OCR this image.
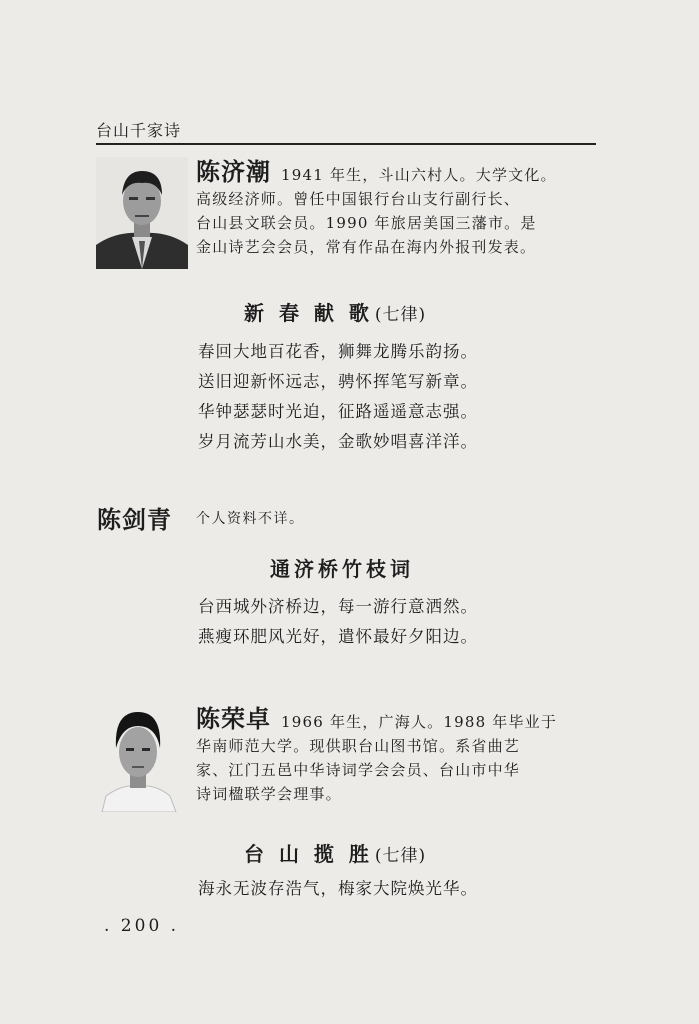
台山千家诗
陈济潮 1941 年生，斗山六村人。大学文化。
高级经济师。曾任中国银行台山支行副行长、
台山县文联会员。1990 年旅居美国三藩市。是
金山诗艺会会员，常有作品在海内外报刊发表。
新 春 献 歌 (七律)
春回大地百花香，狮舞龙腾乐韵扬。
送旧迎新怀远志，骋怀挥笔写新章。
华钟瑟瑟时光迫，征路遥遥意志强。
岁月流芳山水美，金歌妙唱喜洋洋。
陈剑青 个人资料不详。
通济桥竹枝词
台西城外济桥边，每一游行意洒然。
燕瘦环肥风光好，遣怀最好夕阳边。
陈荣卓 1966 年生，广海人。1988 年毕业于
华南师范大学。现供职台山图书馆。系省曲艺
家、江门五邑中华诗词学会会员、台山市中华
诗词楹联学会理事。
台 山 揽 胜 (七律)
海永无波存浩气，梅家大院焕光华。
. 200 .
